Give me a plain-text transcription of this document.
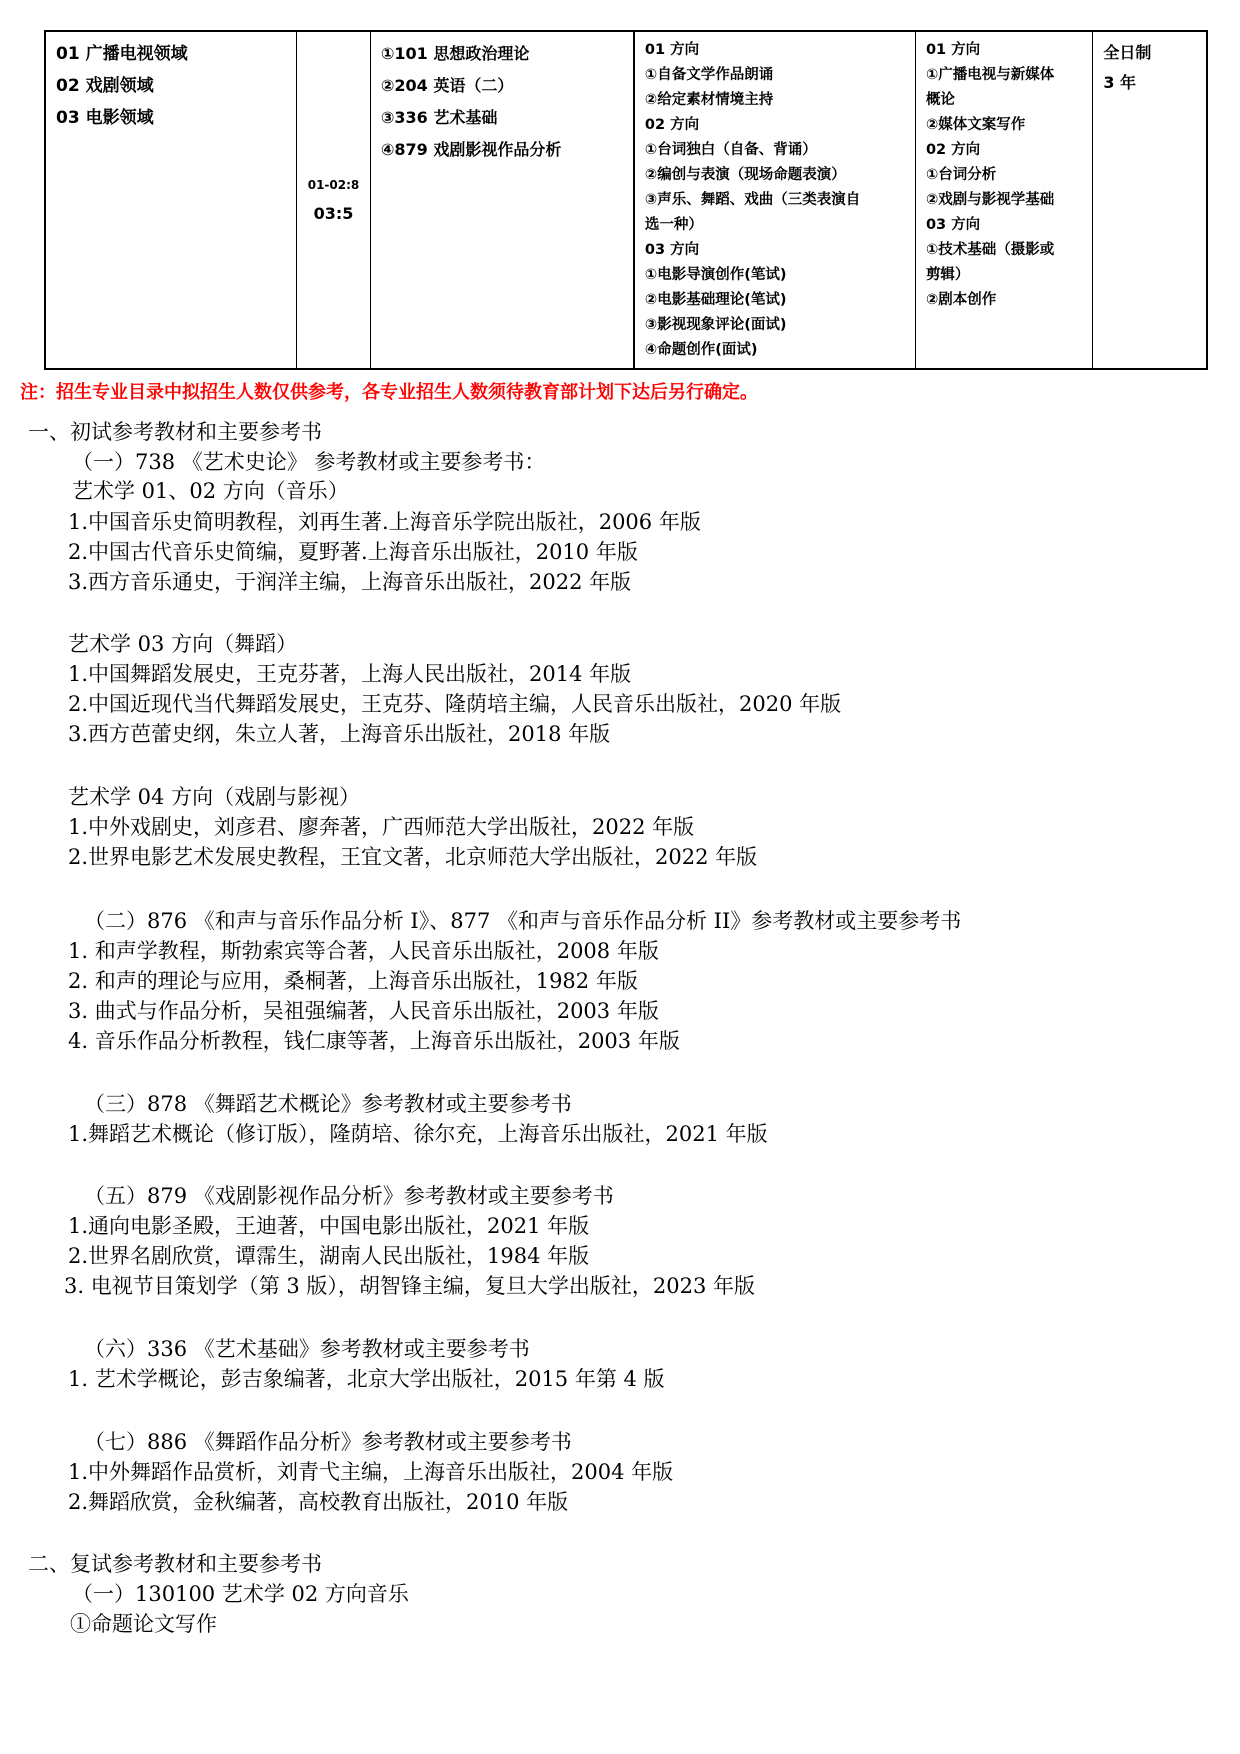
01 广播电视领域
02 戏剧领域
03 电影领域
01-02:8
03:5
①101 思想政治理论
②204 英语（二）
③336 艺术基础
④879 戏剧影视作品分析
01 方向
①自备文学作品朗诵
②给定素材情境主持
02 方向
①台词独白（自备、背诵）
②编创与表演（现场命题表演）
③声乐、舞蹈、戏曲（三类表演自
选一种）
03 方向
①电影导演创作(笔试)
②电影基础理论(笔试)
③影视现象评论(面试)
④命题创作(面试)
01 方向
①广播电视与新媒体
概论
②媒体文案写作
02 方向
①台词分析
②戏剧与影视学基础
03 方向
①技术基础（摄影或
剪辑）
②剧本创作
全日制
3 年
注：招生专业目录中拟招生人数仅供参考，各专业招生人数须待教育部计划下达后另行确定。
一、初试参考教材和主要参考书
（一）738 《艺术史论》 参考教材或主要参考书：
艺术学 01、02 方向（音乐）
1.中国音乐史简明教程，刘再生著.上海音乐学院出版社，2006 年版
2.中国古代音乐史简编，夏野著.上海音乐出版社，2010 年版
3.西方音乐通史，于润洋主编，上海音乐出版社，2022 年版
艺术学 03 方向（舞蹈）
1.中国舞蹈发展史，王克芬著，上海人民出版社，2014 年版
2.中国近现代当代舞蹈发展史，王克芬、隆荫培主编，人民音乐出版社，2020 年版
3.西方芭蕾史纲，朱立人著，上海音乐出版社，2018 年版
艺术学 04 方向（戏剧与影视）
1.中外戏剧史，刘彦君、廖奔著，广西师范大学出版社，2022 年版
2.世界电影艺术发展史教程，王宜文著，北京师范大学出版社，2022 年版
（二）876 《和声与音乐作品分析 I》、877 《和声与音乐作品分析 II》参考教材或主要参考书
1. 和声学教程，斯勃索宾等合著，人民音乐出版社，2008 年版
2. 和声的理论与应用，桑桐著，上海音乐出版社，1982 年版
3. 曲式与作品分析，吴祖强编著，人民音乐出版社，2003 年版
4. 音乐作品分析教程，钱仁康等著，上海音乐出版社，2003 年版
（三）878 《舞蹈艺术概论》参考教材或主要参考书
1.舞蹈艺术概论（修订版），隆荫培、徐尔充，上海音乐出版社，2021 年版
（五）879 《戏剧影视作品分析》参考教材或主要参考书
1.通向电影圣殿，王迪著，中国电影出版社，2021 年版
2.世界名剧欣赏，谭霈生，湖南人民出版社，1984 年版
3. 电视节目策划学（第 3 版），胡智锋主编，复旦大学出版社，2023 年版
（六）336 《艺术基础》参考教材或主要参考书
1. 艺术学概论，彭吉象编著，北京大学出版社，2015 年第 4 版
（七）886 《舞蹈作品分析》参考教材或主要参考书
1.中外舞蹈作品赏析，刘青弋主编，上海音乐出版社，2004 年版
2.舞蹈欣赏，金秋编著，高校教育出版社，2010 年版
二、复试参考教材和主要参考书
（一）130100 艺术学 02 方向音乐
①命题论文写作
